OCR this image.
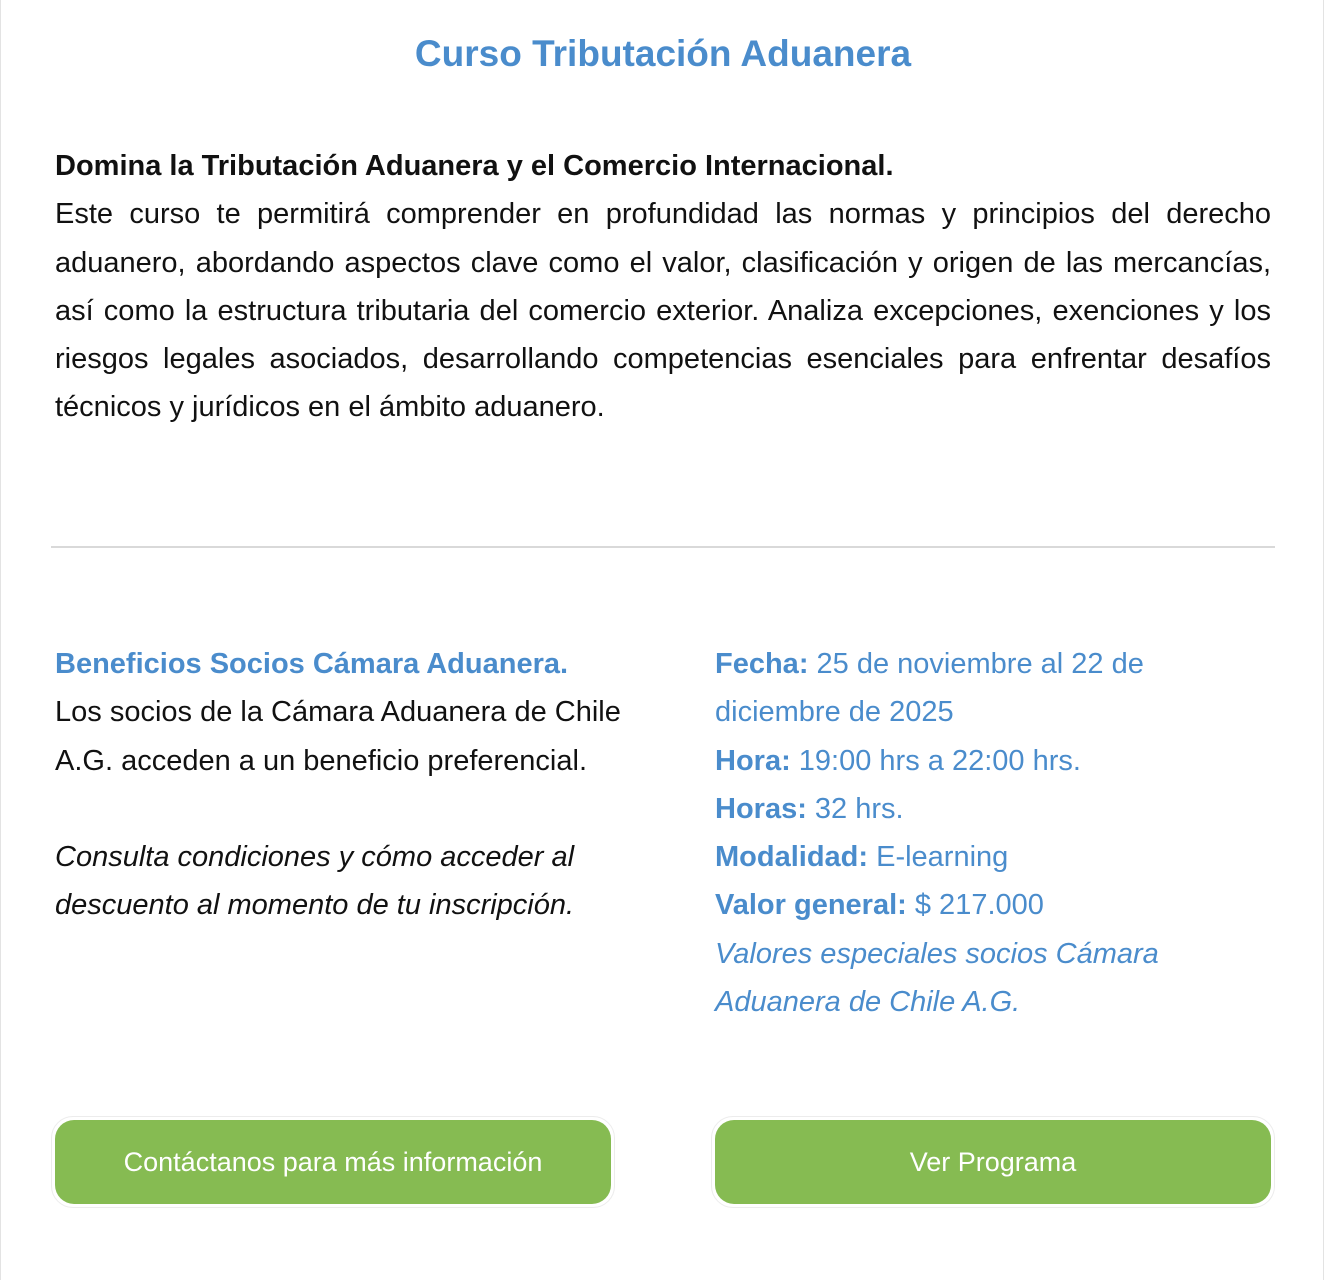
Curso Tributación Aduanera
Domina la Tributación Aduanera y el Comercio Internacional.
Este curso te permitirá comprender en profundidad las normas y principios del derecho aduanero, abordando aspectos clave como el valor, clasificación y origen de las mercancías, así como la estructura tributaria del comercio exterior. Analiza excepciones, exenciones y los riesgos legales asociados, desarrollando competencias esenciales para enfrentar desafíos técnicos y jurídicos en el ámbito aduanero.
Beneficios Socios Cámara Aduanera.
Los socios de la Cámara Aduanera de Chile A.G. acceden a un beneficio preferencial.
Consulta condiciones y cómo acceder al descuento al momento de tu inscripción.
Fecha: 25 de noviembre al 22 de diciembre de 2025
Hora: 19:00 hrs a 22:00 hrs.
Horas: 32 hrs.
Modalidad: E-learning
Valor general: $ 217.000
Valores especiales socios Cámara Aduanera de Chile A.G.
Contáctanos para más información	Ver Programa
